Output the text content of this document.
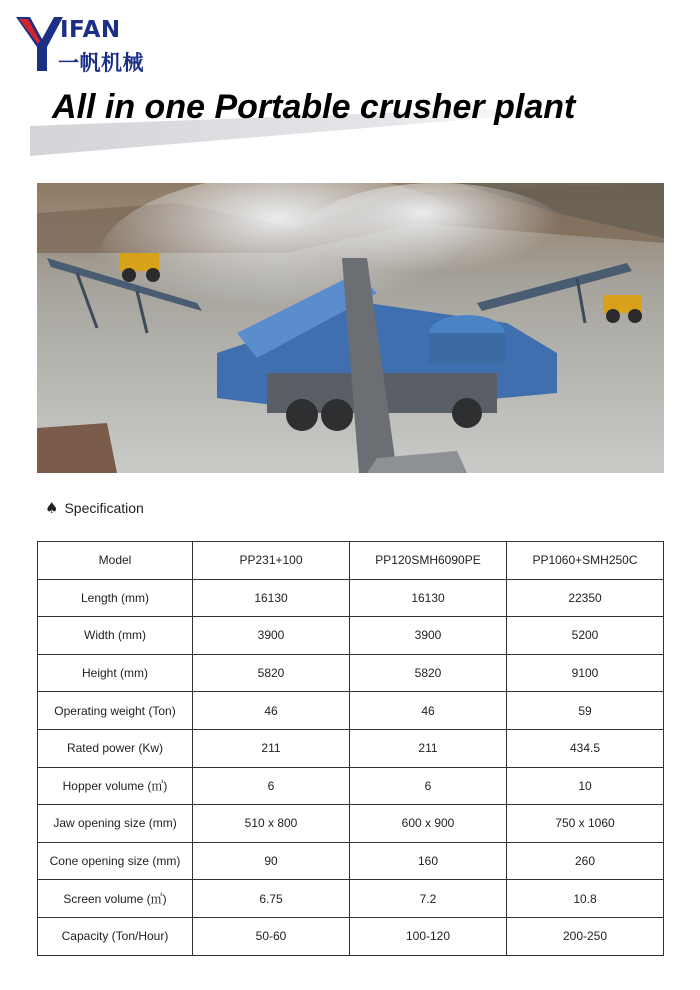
IFAN
一帆机械
All in one Portable crusher plant
♠ Specification
Model	PP231+100	PP120SMH6090PE	PP1060+SMH250C
Length (mm)	16130	16130	22350
Width (mm)	3900	3900	5200
Height (mm)	5820	5820	9100
Operating weight (Ton)	46	46	59
Rated power (Kw)	211	211	434.5
Hopper volume (㎥)	6	6	10
Jaw opening size (mm)	510 x 800	600 x 900	750 x 1060
Cone opening size (mm)	90	160	260
Screen volume (㎥)	6.75	7.2	10.8
Capacity (Ton/Hour)	50-60	100-120	200-250
